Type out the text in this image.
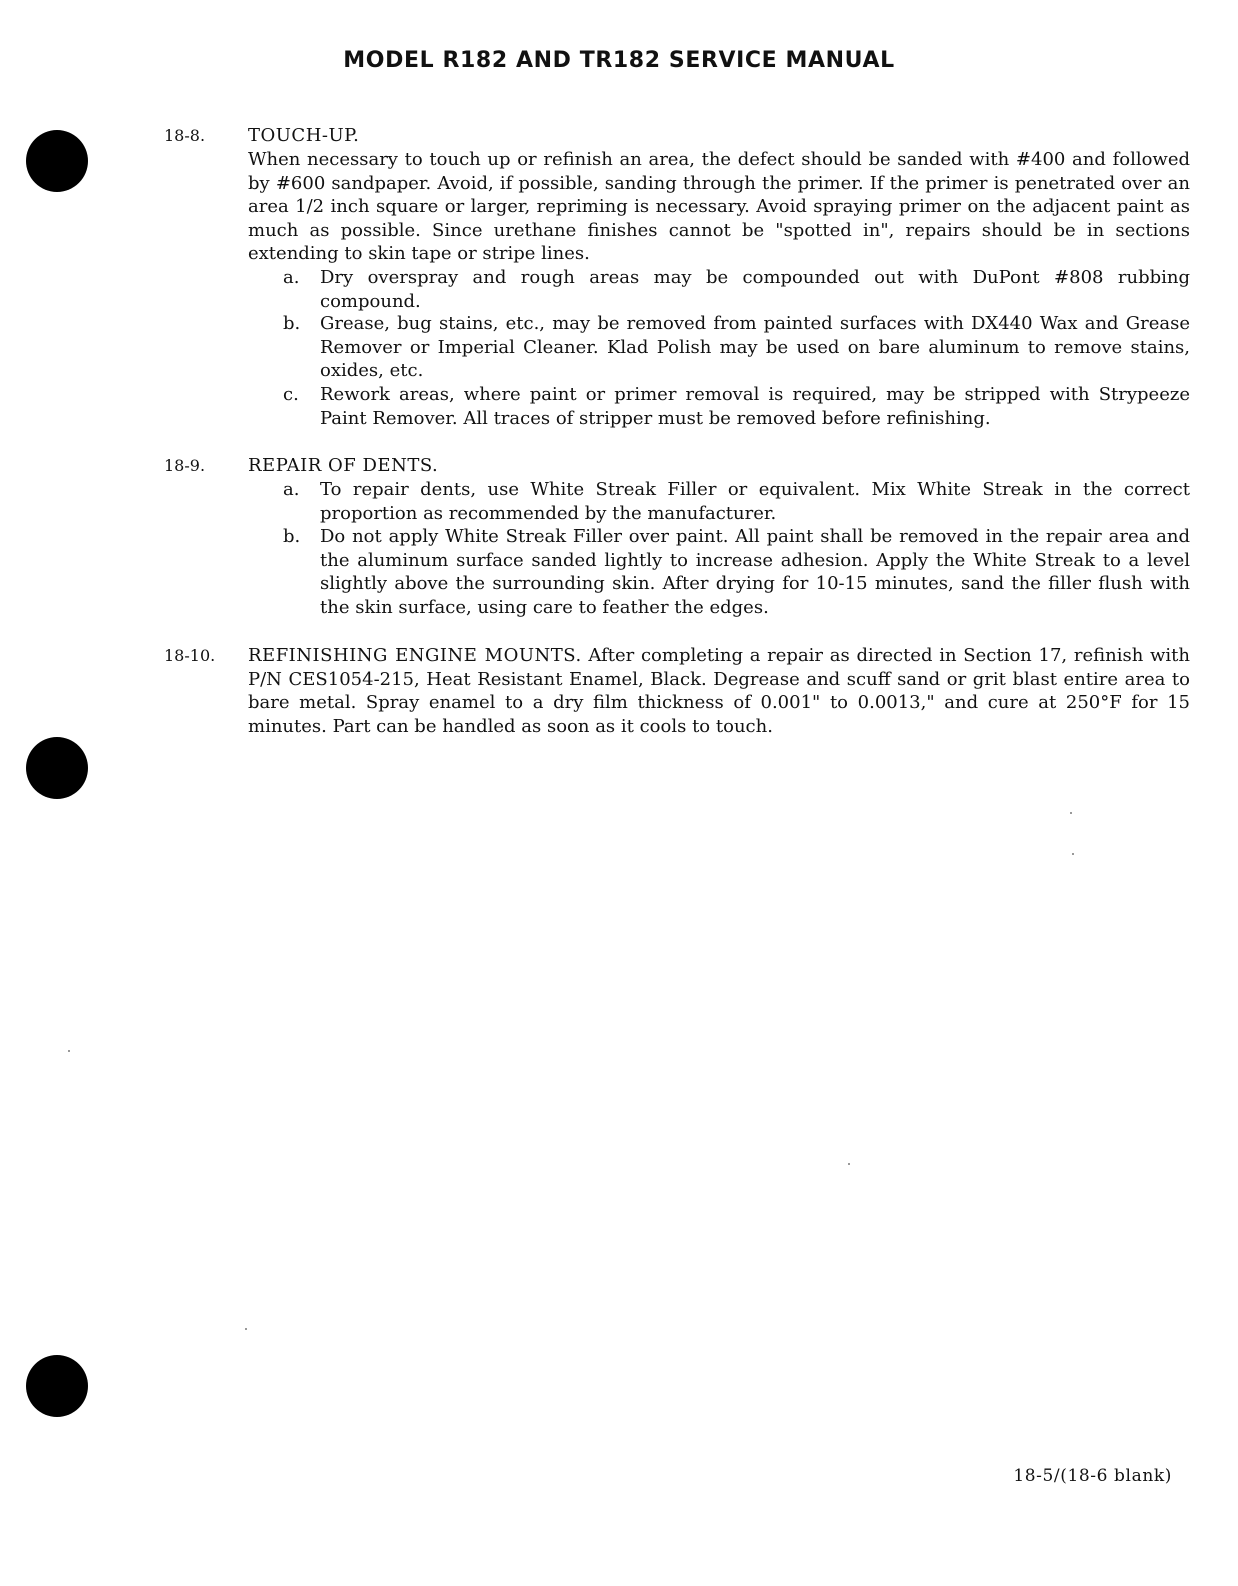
MODEL R182 AND TR182 SERVICE MANUAL
18-8. TOUCH-UP.
When necessary to touch up or refinish an area, the defect should be sanded with #400 and followed by #600 sandpaper. Avoid, if possible, sanding through the primer. If the primer is penetrated over an area 1/2 inch square or larger, repriming is necessary. Avoid spraying primer on the adjacent paint as much as possible. Since urethane finishes cannot be "spotted in", repairs should be in sections extending to skin tape or stripe lines.
a. Dry overspray and rough areas may be compounded out with DuPont #808 rubbing compound.
b. Grease, bug stains, etc., may be removed from painted surfaces with DX440 Wax and Grease Remover or Imperial Cleaner. Klad Polish may be used on bare aluminum to remove stains, oxides, etc.
c. Rework areas, where paint or primer removal is required, may be stripped with Strypeeze Paint Remover. All traces of stripper must be removed before refinishing.
18-9. REPAIR OF DENTS.
a. To repair dents, use White Streak Filler or equivalent. Mix White Streak in the correct proportion as recommended by the manufacturer.
b. Do not apply White Streak Filler over paint. All paint shall be removed in the repair area and the aluminum surface sanded lightly to increase adhesion. Apply the White Streak to a level slightly above the surrounding skin. After drying for 10-15 minutes, sand the filler flush with the skin surface, using care to feather the edges.
18-10. REFINISHING ENGINE MOUNTS. After completing a repair as directed in Section 17, refinish with P/N CES1054-215, Heat Resistant Enamel, Black. Degrease and scuff sand or grit blast entire area to bare metal. Spray enamel to a dry film thickness of 0.001" to 0.0013," and cure at 250°F for 15 minutes. Part can be handled as soon as it cools to touch.
18-5/(18-6 blank)
